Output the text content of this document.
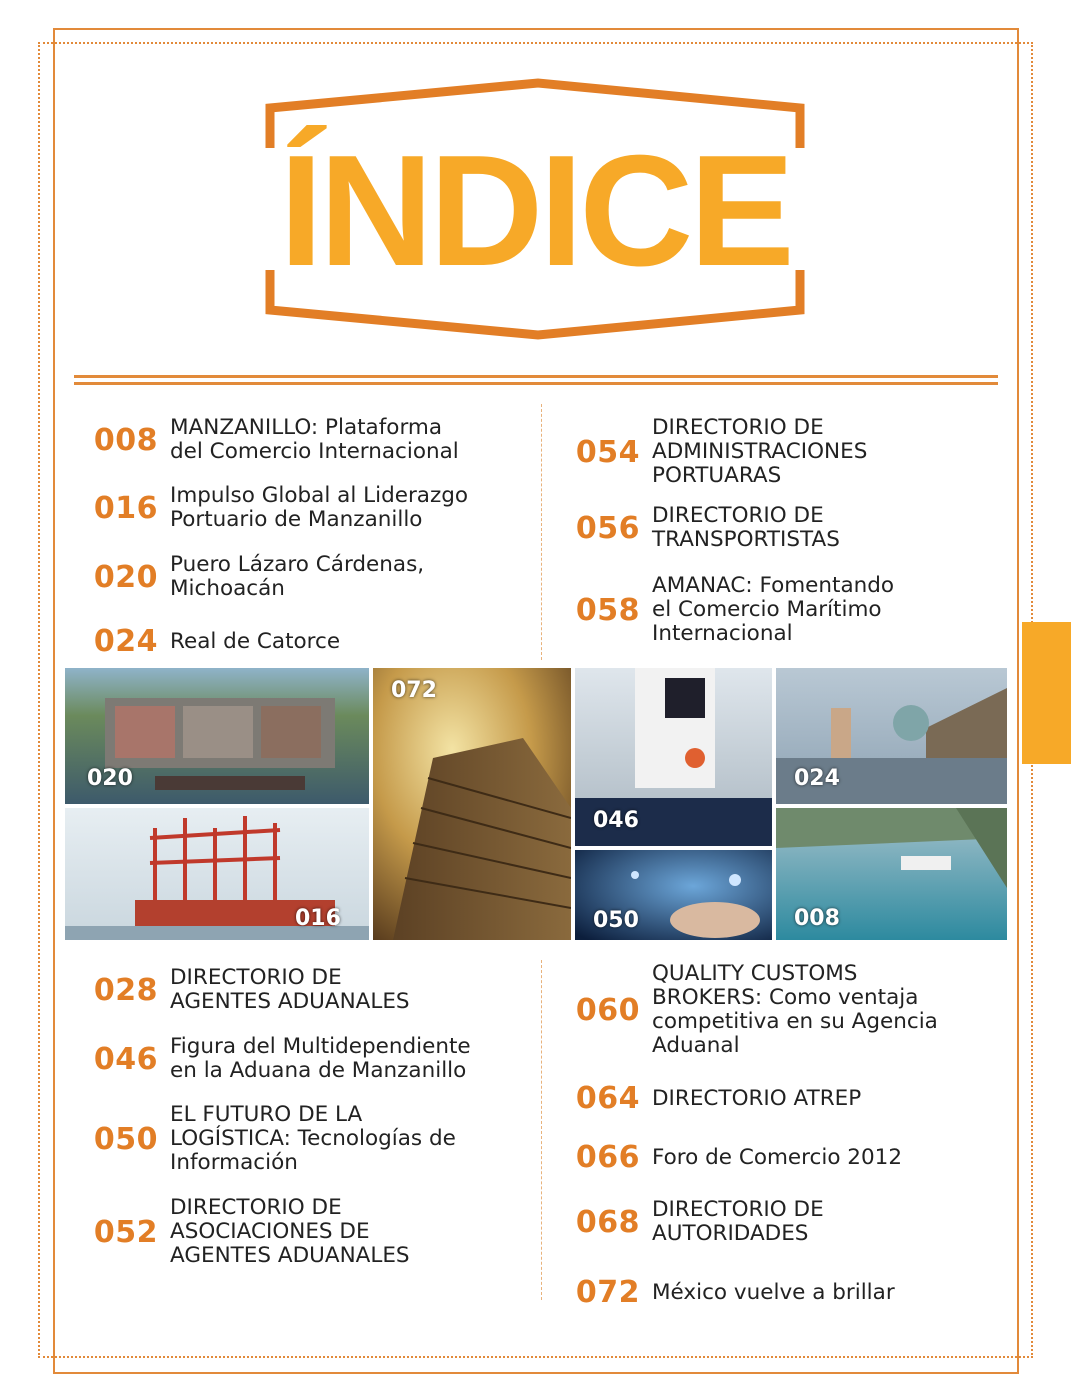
ÍNDICE
008 MANZANILLO: Plataforma
del Comercio Internacional
016 Impulso Global al Liderazgo
Portuario de Manzanillo
020 Puero Lázaro Cárdenas,
Michoacán
024 Real de Catorce
054
DIRECTORIO DE
ADMINISTRACIONES
PORTUARAS
056 DIRECTORIO DE
TRANSPORTISTAS
058
AMANAC: Fomentando
el Comercio Marítimo
Internacional
020
016
072
046
050
024
008
028 DIRECTORIO DE
AGENTES ADUANALES
046 Figura del Multidependiente
en la Aduana de Manzanillo
050
EL FUTURO DE LA
LOGÍSTICA: Tecnologías de
Información
052
DIRECTORIO DE
ASOCIACIONES DE
AGENTES ADUANALES
060
QUALITY CUSTOMS
BROKERS: Como ventaja
competitiva en su Agencia
Aduanal
064 DIRECTORIO ATREP
066 Foro de Comercio 2012
068 DIRECTORIO DE
AUTORIDADES
072 México vuelve a brillar
